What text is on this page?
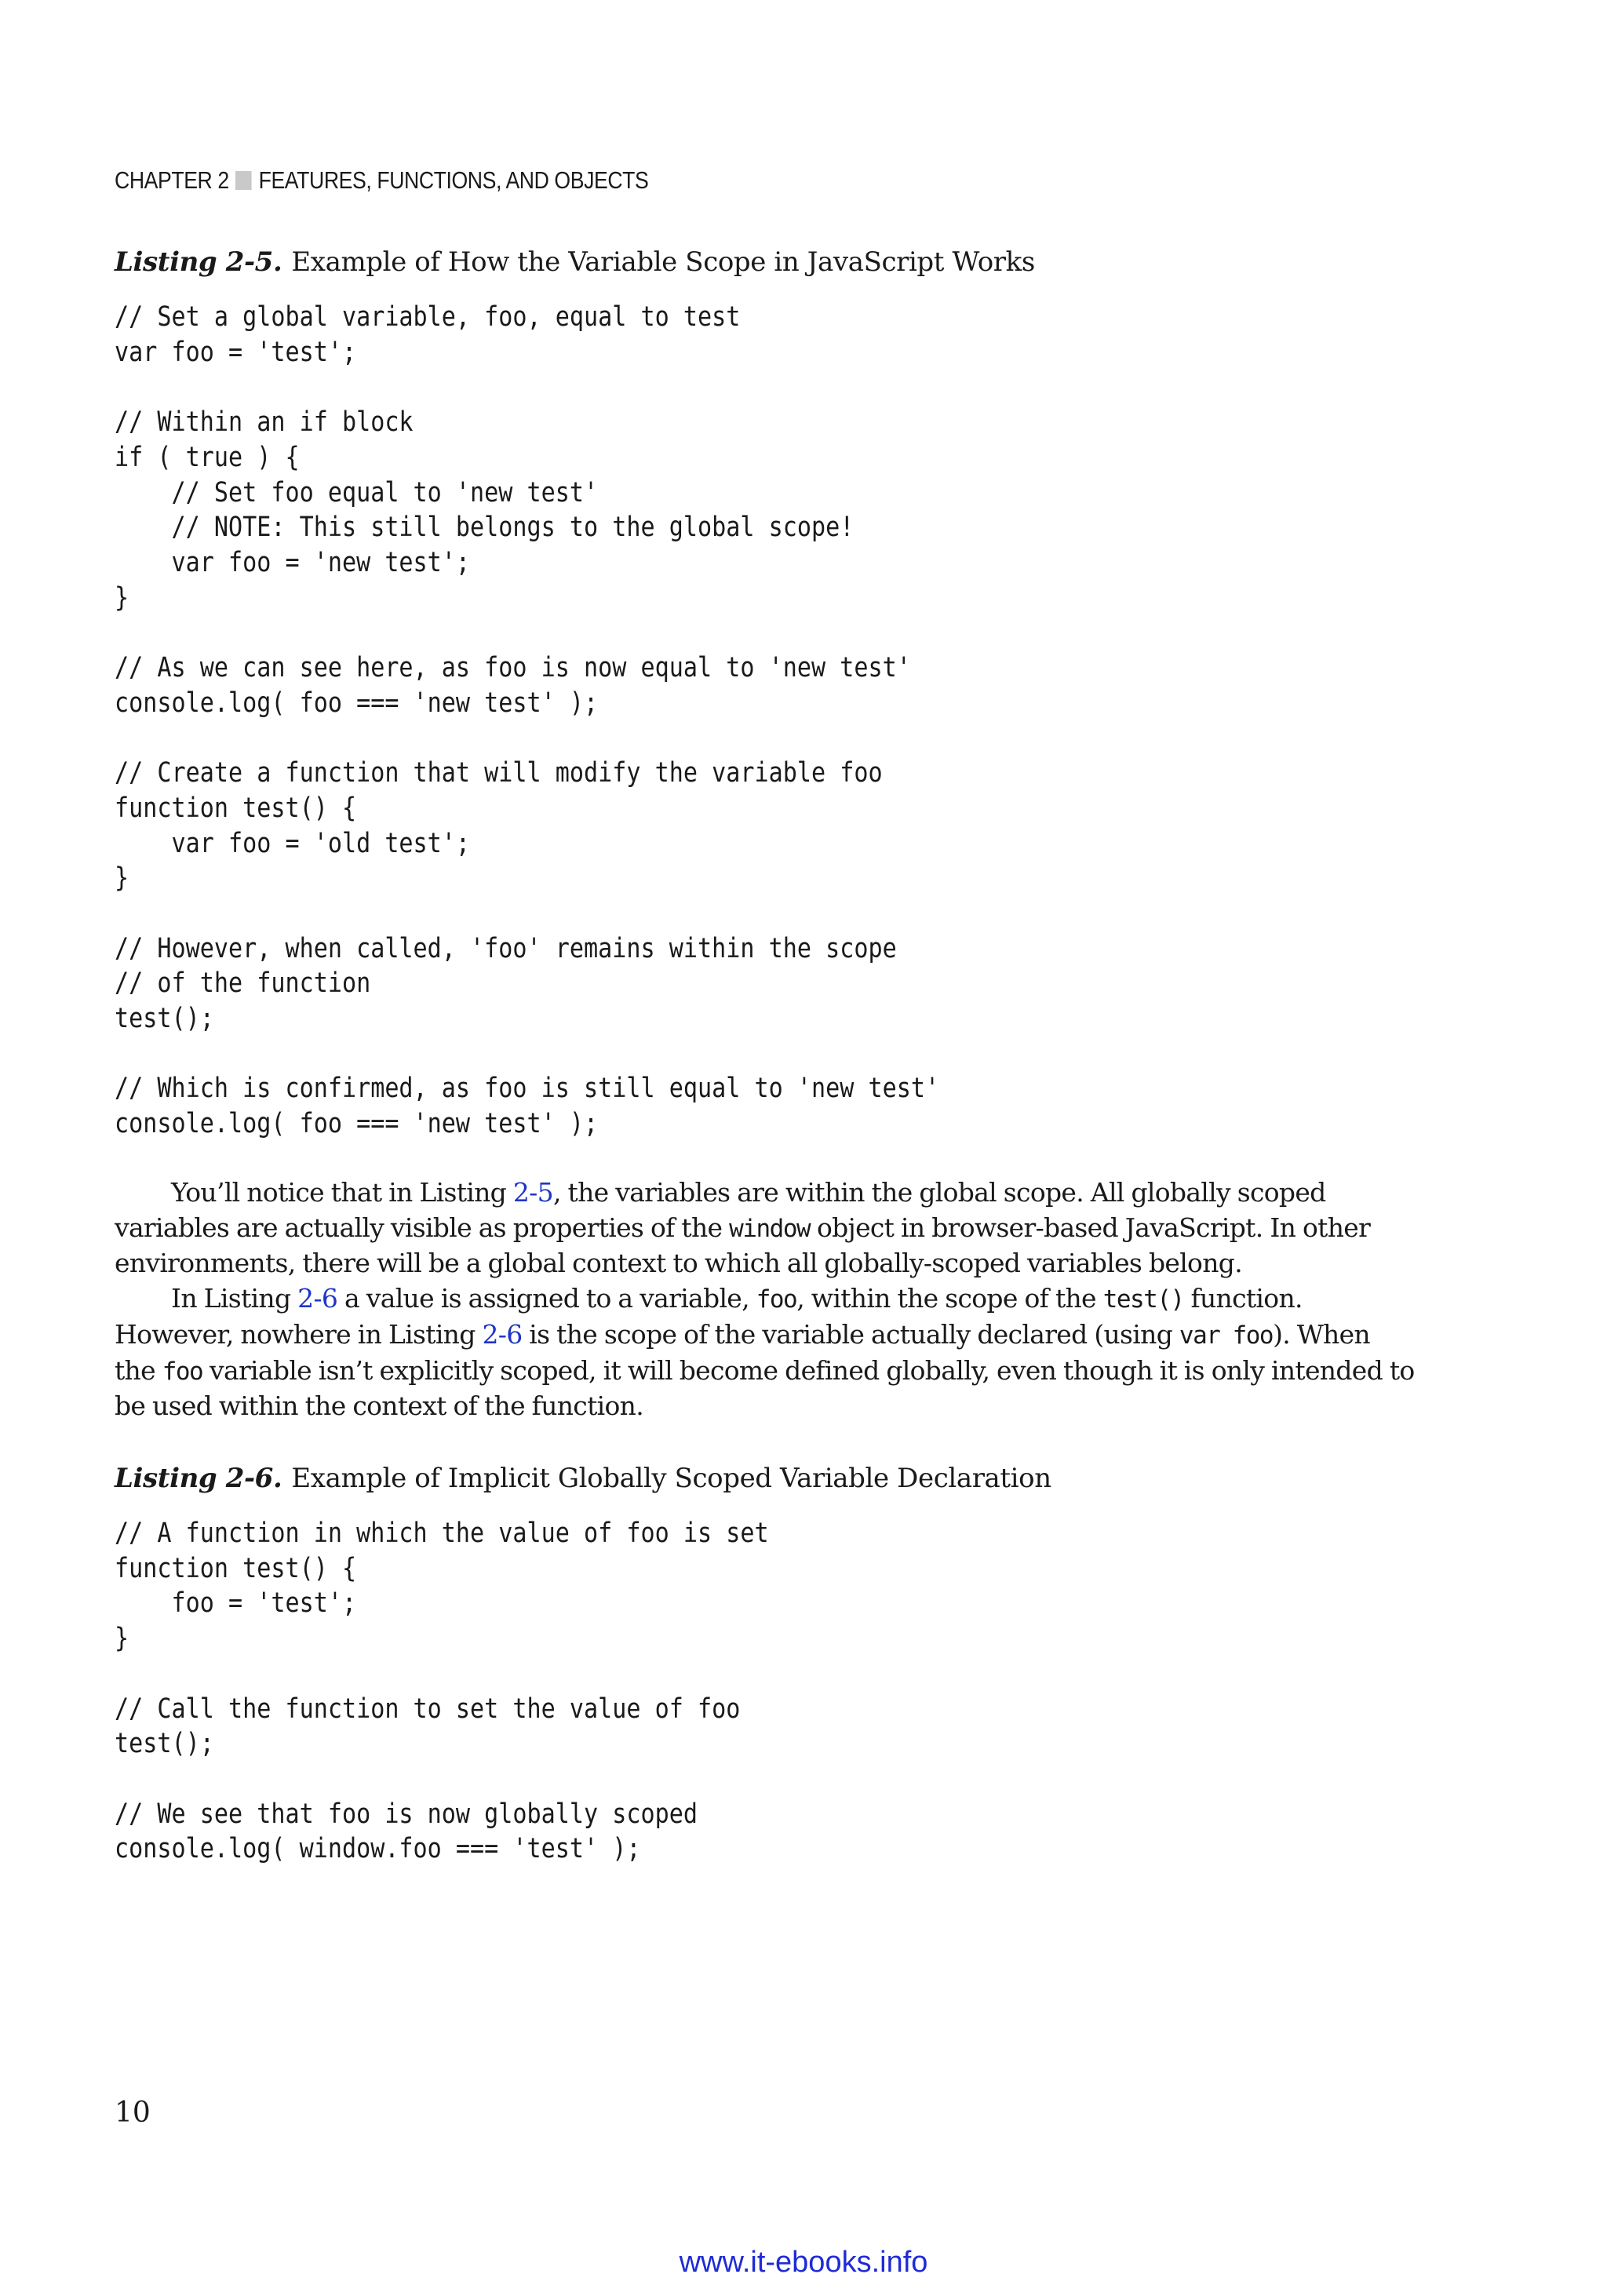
CHAPTER 2 FEATURES, FUNCTIONS, AND OBJECTS
Listing 2-5. Example of How the Variable Scope in JavaScript Works
// Set a global variable, foo, equal to test
var foo = 'test';

// Within an if block
if ( true ) {
// Set foo equal to 'new test'
// NOTE: This still belongs to the global scope!
var foo = 'new test';
}

// As we can see here, as foo is now equal to 'new test'
console.log( foo === 'new test' );

// Create a function that will modify the variable foo
function test() {
var foo = 'old test';
}

// However, when called, 'foo' remains within the scope
// of the function
test();

// Which is confirmed, as foo is still equal to 'new test'
console.log( foo === 'new test' );

You’ll notice that in Listing 2-5, the variables are within the global scope. All globally scoped variables are actually visible as properties of the window object in browser-based JavaScript. In other environments, there will be a global context to which all globally-scoped variables belong.

In Listing 2-6 a value is assigned to a variable, foo, within the scope of the test() function. However, nowhere in Listing 2-6 is the scope of the variable actually declared (using var foo). When the foo variable isn’t explicitly scoped, it will become defined globally, even though it is only intended to be used within the context of the function.

Listing 2-6. Example of Implicit Globally Scoped Variable Declaration
// A function in which the value of foo is set
function test() {
foo = 'test';
}

// Call the function to set the value of foo
test();

// We see that foo is now globally scoped
console.log( window.foo === 'test' );
10
www.it-ebooks.info
